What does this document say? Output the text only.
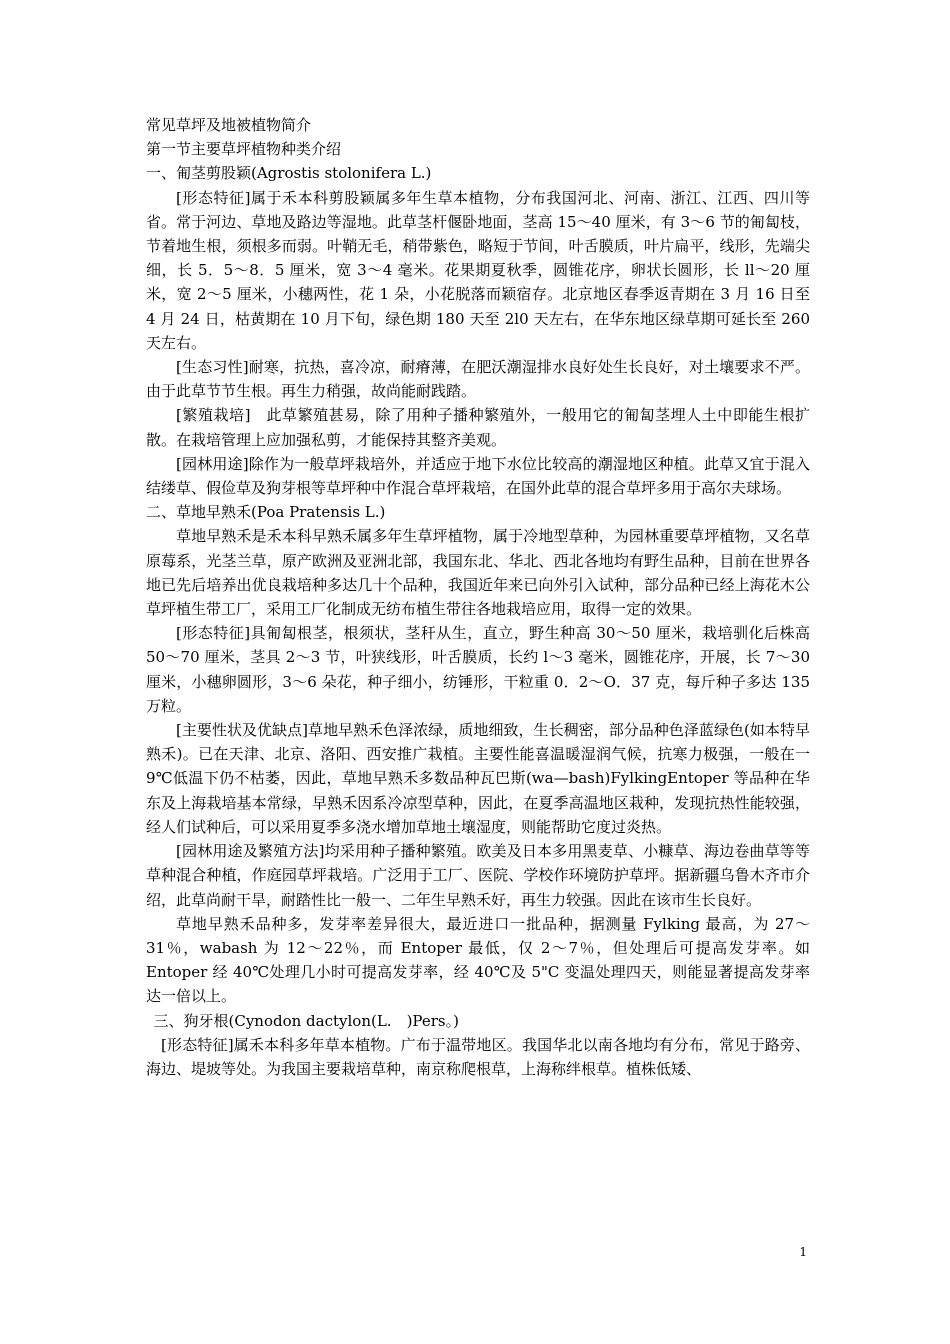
常见草坪及地被植物简介
第一节主要草坪植物种类介绍
一、匍茎剪股颖(Agrostis stolonifera L.)

[形态特征]属于禾本科剪股颖属多年生草本植物，分布我国河北、河南、浙江、江西、四川等省。常于河边、草地及路边等湿地。此草茎杆偃卧地面，茎高 15～40 厘米，有 3～6 节的匍匐枝，节着地生根，须根多而弱。叶鞘无毛，稍带紫色，略短于节间，叶舌膜质，叶片扁平，线形，先端尖细，长 5．5～8．5 厘米，宽 3～4 毫米。花果期夏秋季，圆锥花序，卵状长圆形，长 ll～20 厘米，宽 2～5 厘米，小穗两性，花 1 朵，小花脱落而颖宿存。北京地区春季返青期在 3 月 16 日至 4 月 24 日，枯黄期在 10 月下旬，绿色期 180 天至 2l0 天左右，在华东地区绿草期可延长至 260 天左右。

[生态习性]耐寒，抗热，喜冷凉，耐瘠薄，在肥沃潮湿排水良好处生长良好，对土壤要求不严。由于此草节节生根。再生力稍强，故尚能耐践踏。

[繁殖栽培]　此草繁殖甚易，除了用种子播种繁殖外，一般用它的匍匐茎埋人土中即能生根扩散。在栽培管理上应加强私剪，才能保持其整齐美观。

[园林用途]除作为一般草坪栽培外，并适应于地下水位比较高的潮湿地区种植。此草又宜于混入结缕草、假俭草及狗芽根等草坪种中作混合草坪栽培，在国外此草的混合草坪多用于高尔夫球场。

二、草地早熟禾(Poa Pratensis L.)

草地早熟禾是禾本科早熟禾属多年生草坪植物，属于冷地型草种，为园林重要草坪植物，又名草原莓系，光茎兰草，原产欧洲及亚洲北部，我国东北、华北、西北各地均有野生品种，目前在世界各地已先后培养出优良栽培种多达几十个品种，我国近年来已向外引入试种，部分品种已经上海花木公草坪植生带工厂，采用工厂化制成无纺布植生带往各地栽培应用，取得一定的效果。

[形态特征]具匍匐根茎，根须状，茎秆从生，直立，野生种高 30～50 厘米，栽培驯化后株高 50～70 厘米，茎具 2～3 节，叶狭线形，叶舌膜质，长约 l～3 毫米，圆锥花序，开展，长 7～30 厘米，小穗卵圆形，3～6 朵花，种子细小，纺锤形，干粒重 0．2～O．37 克，每斤种子多达 135 万粒。

[主要性状及优缺点]草地早熟禾色泽浓绿，质地细致，生长稠密，部分品种色泽蓝绿色(如本特早熟禾)。已在天津、北京、洛阳、西安推广栽植。主要性能喜温暖湿润气候，抗寒力极强，一般在一 9℃低温下仍不枯萎，因此，草地早熟禾多数品种瓦巴斯(wa—bash)FylkingEntoper 等品种在华东及上海栽培基本常绿，早熟禾因系冷凉型草种，因此，在夏季高温地区栽种，发现抗热性能较强，经人们试种后，可以采用夏季多浇水增加草地土壤湿度，则能帮助它度过炎热。

[园林用途及繁殖方法]均采用种子播种繁殖。欧美及日本多用黑麦草、小糠草、海边卷曲草等等草种混合种植，作庭园草坪栽培。广泛用于工厂、医院、学校作环境防护草坪。据新疆乌鲁木齐市介绍，此草尚耐干旱，耐踏性比一般一、二年生早熟禾好，再生力较强。因此在该市生长良好。

草地早熟禾品种多，发芽率差异很大，最近进口一批品种，据测量 Fylking 最高，为 27～31％，wabash 为 12～22％，而 Entoper 最低，仅 2～7％，但处理后可提高发芽率。如 Entoper 经 40℃处理几小时可提高发芽率，经 40℃及 5"C 变温处理四天，则能显著提高发芽率达一倍以上。

三、狗牙根(Cynodon dactylon(L.　)Pers。)

[形态特征]属禾本科多年草本植物。广布于温带地区。我国华北以南各地均有分布，常见于路旁、海边、堤坡等处。为我国主要栽培草种，南京称爬根草，上海称绊根草。植株低矮、

1
